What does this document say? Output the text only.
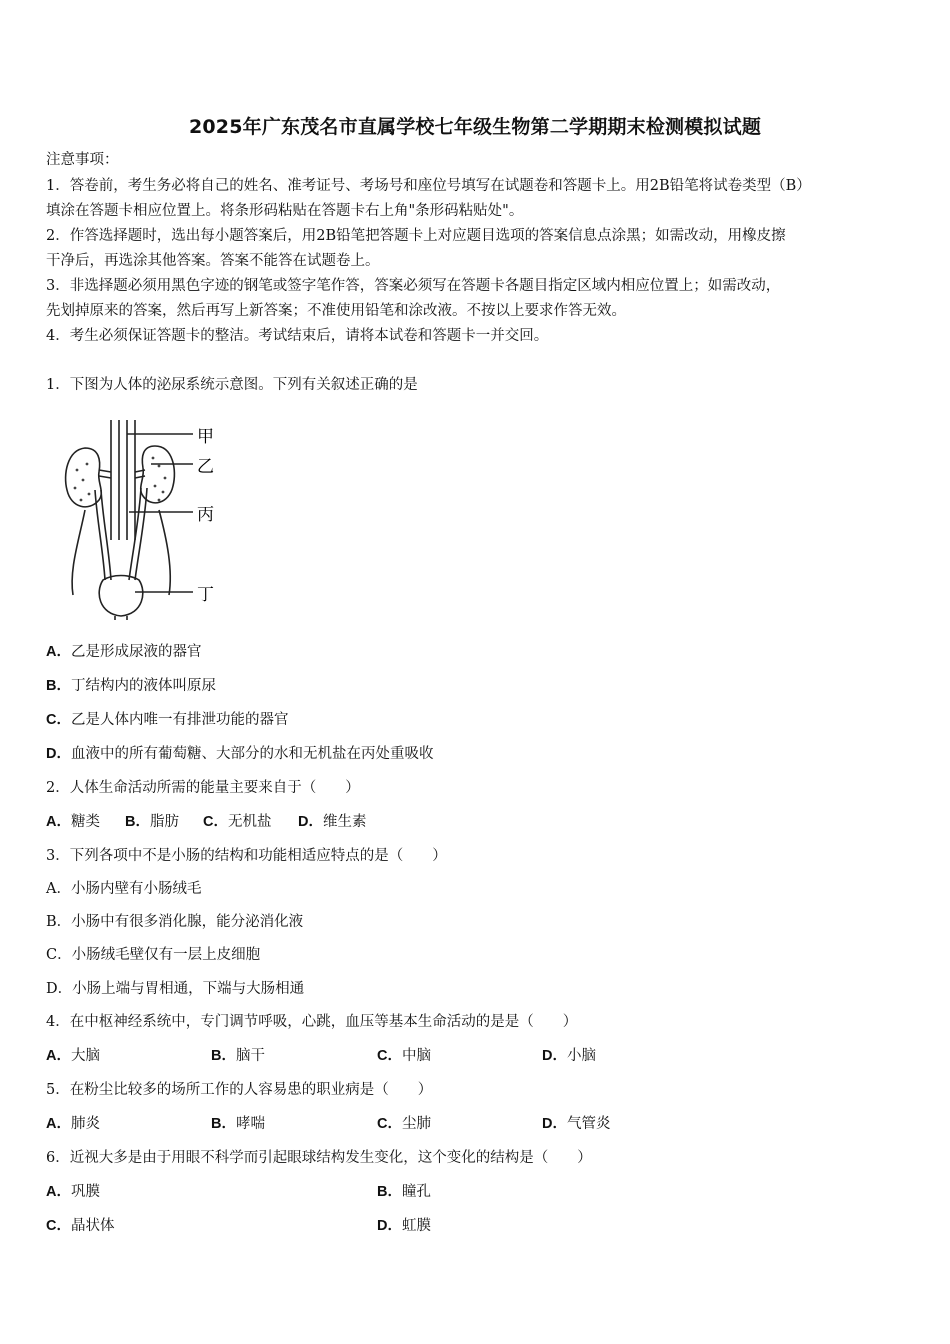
2025年广东茂名市直属学校七年级生物第二学期期末检测模拟试题
注意事项：
1．答卷前，考生务必将自己的姓名、准考证号、考场号和座位号填写在试题卷和答题卡上。用2B铅笔将试卷类型（B）
填涂在答题卡相应位置上。将条形码粘贴在答题卡右上角"条形码粘贴处"。
2．作答选择题时，选出每小题答案后，用2B铅笔把答题卡上对应题目选项的答案信息点涂黑；如需改动，用橡皮擦
干净后，再选涂其他答案。答案不能答在试题卷上。
3．非选择题必须用黑色字迹的钢笔或签字笔作答，答案必须写在答题卡各题目指定区域内相应位置上；如需改动，
先划掉原来的答案，然后再写上新答案；不准使用铅笔和涂改液。不按以上要求作答无效。
4．考生必须保证答题卡的整洁。考试结束后，请将本试卷和答题卡一并交回。
1．下图为人体的泌尿系统示意图。下列有关叙述正确的是
甲
乙
丙
丁
A．乙是形成尿液的器官
B．丁结构内的液体叫原尿
C．乙是人体内唯一有排泄功能的器官
D．血液中的所有葡萄糖、大部分的水和无机盐在丙处重吸收
2．人体生命活动所需的能量主要来自于（　　）
A．糖类 B．脂肪 C．无机盐 D．维生素
3．下列各项中不是小肠的结构和功能相适应特点的是（　　）
A．小肠内壁有小肠绒毛
B．小肠中有很多消化腺，能分泌消化液
C．小肠绒毛壁仅有一层上皮细胞
D．小肠上端与胃相通，下端与大肠相通
4．在中枢神经系统中，专门调节呼吸，心跳，血压等基本生命活动的是是（　　）
A．大脑	B．脑干	C．中脑	D．小脑
5．在粉尘比较多的场所工作的人容易患的职业病是（　　）
A．肺炎	B．哮喘	C．尘肺	D．气管炎
6．近视大多是由于用眼不科学而引起眼球结构发生变化，这个变化的结构是（　　）
A．巩膜	B．瞳孔
C．晶状体	D．虹膜
